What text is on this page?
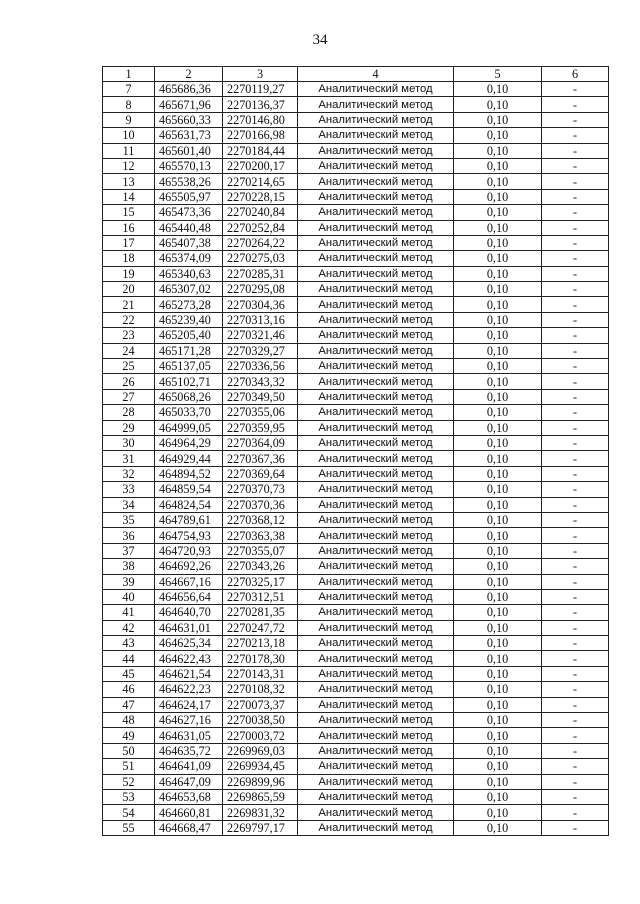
34
1	2	3	4	5	6
7	465686,36	2270119,27	Аналитический метод	0,10	-
8	465671,96	2270136,37	Аналитический метод	0,10	-
9	465660,33	2270146,80	Аналитический метод	0,10	-
10	465631,73	2270166,98	Аналитический метод	0,10	-
11	465601,40	2270184,44	Аналитический метод	0,10	-
12	465570,13	2270200,17	Аналитический метод	0,10	-
13	465538,26	2270214,65	Аналитический метод	0,10	-
14	465505,97	2270228,15	Аналитический метод	0,10	-
15	465473,36	2270240,84	Аналитический метод	0,10	-
16	465440,48	2270252,84	Аналитический метод	0,10	-
17	465407,38	2270264,22	Аналитический метод	0,10	-
18	465374,09	2270275,03	Аналитический метод	0,10	-
19	465340,63	2270285,31	Аналитический метод	0,10	-
20	465307,02	2270295,08	Аналитический метод	0,10	-
21	465273,28	2270304,36	Аналитический метод	0,10	-
22	465239,40	2270313,16	Аналитический метод	0,10	-
23	465205,40	2270321,46	Аналитический метод	0,10	-
24	465171,28	2270329,27	Аналитический метод	0,10	-
25	465137,05	2270336,56	Аналитический метод	0,10	-
26	465102,71	2270343,32	Аналитический метод	0,10	-
27	465068,26	2270349,50	Аналитический метод	0,10	-
28	465033,70	2270355,06	Аналитический метод	0,10	-
29	464999,05	2270359,95	Аналитический метод	0,10	-
30	464964,29	2270364,09	Аналитический метод	0,10	-
31	464929,44	2270367,36	Аналитический метод	0,10	-
32	464894,52	2270369,64	Аналитический метод	0,10	-
33	464859,54	2270370,73	Аналитический метод	0,10	-
34	464824,54	2270370,36	Аналитический метод	0,10	-
35	464789,61	2270368,12	Аналитический метод	0,10	-
36	464754,93	2270363,38	Аналитический метод	0,10	-
37	464720,93	2270355,07	Аналитический метод	0,10	-
38	464692,26	2270343,26	Аналитический метод	0,10	-
39	464667,16	2270325,17	Аналитический метод	0,10	-
40	464656,64	2270312,51	Аналитический метод	0,10	-
41	464640,70	2270281,35	Аналитический метод	0,10	-
42	464631,01	2270247,72	Аналитический метод	0,10	-
43	464625,34	2270213,18	Аналитический метод	0,10	-
44	464622,43	2270178,30	Аналитический метод	0,10	-
45	464621,54	2270143,31	Аналитический метод	0,10	-
46	464622,23	2270108,32	Аналитический метод	0,10	-
47	464624,17	2270073,37	Аналитический метод	0,10	-
48	464627,16	2270038,50	Аналитический метод	0,10	-
49	464631,05	2270003,72	Аналитический метод	0,10	-
50	464635,72	2269969,03	Аналитический метод	0,10	-
51	464641,09	2269934,45	Аналитический метод	0,10	-
52	464647,09	2269899,96	Аналитический метод	0,10	-
53	464653,68	2269865,59	Аналитический метод	0,10	-
54	464660,81	2269831,32	Аналитический метод	0,10	-
55	464668,47	2269797,17	Аналитический метод	0,10	-
